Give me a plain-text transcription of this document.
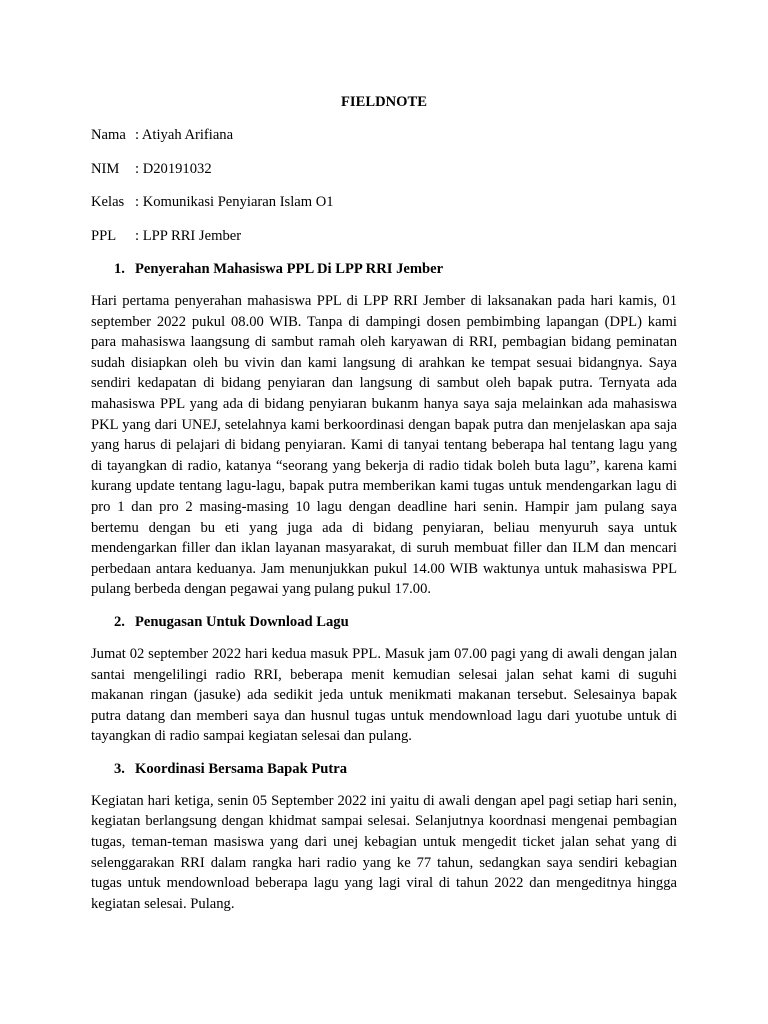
FIELDNOTE
Nama : Atiyah Arifiana
NIM	: D20191032
Kelas : Komunikasi Penyiaran Islam O1
PPL	: LPP RRI Jember
1. Penyerahan Mahasiswa PPL Di LPP RRI Jember

Hari pertama penyerahan mahasiswa PPL di LPP RRI Jember di laksanakan pada hari kamis, 01 september 2022 pukul 08.00 WIB. Tanpa di dampingi dosen pembimbing lapangan (DPL) kami para mahasiswa laangsung di sambut ramah oleh karyawan di RRI, pembagian bidang peminatan sudah disiapkan oleh bu vivin dan kami langsung di arahkan ke tempat sesuai bidangnya. Saya sendiri kedapatan di bidang penyiaran dan langsung di sambut oleh bapak putra. Ternyata ada mahasiswa PPL yang ada di bidang penyiaran bukanm hanya saya saja melainkan ada mahasiswa PKL yang dari UNEJ, setelahnya kami berkoordinasi dengan bapak putra dan menjelaskan apa saja yang harus di pelajari di bidang penyiaran. Kami di tanyai tentang beberapa hal tentang lagu yang di tayangkan di radio, katanya “seorang yang bekerja di radio tidak boleh buta lagu”, karena kami kurang update tentang lagu-lagu, bapak putra memberikan kami tugas untuk mendengarkan lagu di pro 1 dan pro 2 masing-masing 10 lagu dengan deadline hari senin. Hampir jam pulang saya bertemu dengan bu eti yang juga ada di bidang penyiaran, beliau menyuruh saya untuk mendengarkan filler dan iklan layanan masyarakat, di suruh membuat filler dan ILM dan mencari perbedaan antara keduanya. Jam menunjukkan pukul 14.00 WIB waktunya untuk mahasiswa PPL pulang berbeda dengan pegawai yang pulang pukul 17.00.

2. Penugasan Untuk Download Lagu

Jumat 02 september 2022 hari kedua masuk PPL. Masuk jam 07.00 pagi yang di awali dengan jalan santai mengelilingi radio RRI, beberapa menit kemudian selesai jalan sehat kami di suguhi makanan ringan (jasuke) ada sedikit jeda untuk menikmati makanan tersebut. Selesainya bapak putra datang dan memberi saya dan husnul tugas untuk mendownload lagu dari yuotube untuk di tayangkan di radio sampai kegiatan selesai dan pulang.

3. Koordinasi Bersama Bapak Putra

Kegiatan hari ketiga, senin 05 September 2022 ini yaitu di awali dengan apel pagi setiap hari senin, kegiatan berlangsung dengan khidmat sampai selesai. Selanjutnya koordnasi mengenai pembagian tugas, teman-teman masiswa yang dari unej kebagian untuk mengedit ticket jalan sehat yang di selenggarakan RRI dalam rangka hari radio yang ke 77 tahun, sedangkan saya sendiri kebagian tugas untuk mendownload beberapa lagu yang lagi viral di tahun 2022 dan mengeditnya hingga kegiatan selesai. Pulang.
